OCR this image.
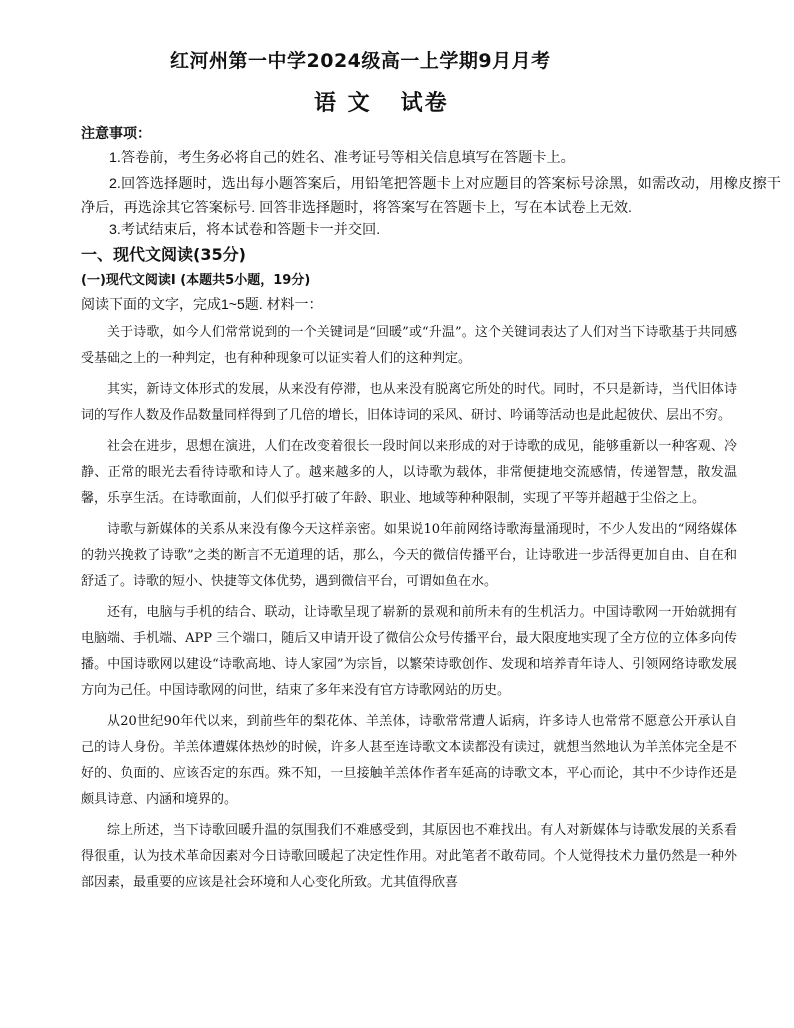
红河州第一中学2024级高一上学期9月月考
语 文   试卷
注意事项：
1.答卷前，考生务必将自己的姓名、准考证号等相关信息填写在答题卡上。
2.回答选择题时，选出每小题答案后，用铅笔把答题卡上对应题目的答案标号涂黑，如需改动，用橡皮擦干净后，再选涂其它答案标号. 回答非选择题时，将答案写在答题卡上，写在本试卷上无效.
3.考试结束后，将本试卷和答题卡一并交回.
一、现代文阅读(35分)
(一)现代文阅读I (本题共5小题，19分)
阅读下面的文字，完成1~5题. 材料一：

关于诗歌，如今人们常常说到的一个关键词是“回暖”或“升温”。这个关键词表达了人们对当下诗歌基于共同感受基础之上的一种判定，也有种种现象可以证实着人们的这种判定。

其实，新诗文体形式的发展，从来没有停滞，也从来没有脱离它所处的时代。同时，不只是新诗，当代旧体诗词的写作人数及作品数量同样得到了几倍的增长，旧体诗词的采风、研讨、吟诵等活动也是此起彼伏、层出不穷。

社会在进步，思想在演进，人们在改变着很长一段时间以来形成的对于诗歌的成见，能够重新以一种客观、冷静、正常的眼光去看待诗歌和诗人了。越来越多的人，以诗歌为载体，非常便捷地交流感情，传递智慧，散发温馨，乐享生活。在诗歌面前，人们似乎打破了年龄、职业、地域等种种限制，实现了平等并超越于尘俗之上。

诗歌与新媒体的关系从来没有像今天这样亲密。如果说10年前网络诗歌海量涌现时，不少人发出的“网络媒体的勃兴挽救了诗歌”之类的断言不无道理的话，那么，今天的微信传播平台，让诗歌进一步活得更加自由、自在和舒适了。诗歌的短小、快捷等文体优势，遇到微信平台，可谓如鱼在水。

还有，电脑与手机的结合、联动，让诗歌呈现了崭新的景观和前所未有的生机活力。中国诗歌网一开始就拥有电脑端、手机端、APP 三个端口，随后又申请开设了微信公众号传播平台，最大限度地实现了全方位的立体多向传播。中国诗歌网以建设“诗歌高地、诗人家园”为宗旨，以繁荣诗歌创作、发现和培养青年诗人、引领网络诗歌发展方向为己任。中国诗歌网的问世，结束了多年来没有官方诗歌网站的历史。

从20世纪90年代以来，到前些年的梨花体、羊羔体，诗歌常常遭人诟病，许多诗人也常常不愿意公开承认自己的诗人身份。羊羔体遭媒体热炒的时候，许多人甚至连诗歌文本读都没有读过，就想当然地认为羊羔体完全是不好的、负面的、应该否定的东西。殊不知，一旦接触羊羔体作者车延高的诗歌文本，平心而论，其中不少诗作还是颇具诗意、内涵和境界的。

综上所述，当下诗歌回暖升温的氛围我们不难感受到，其原因也不难找出。有人对新媒体与诗歌发展的关系看得很重，认为技术革命因素对今日诗歌回暖起了决定性作用。对此笔者不敢苟同。个人觉得技术力量仍然是一种外部因素，最重要的应该是社会环境和人心变化所致。尤其值得欣喜
